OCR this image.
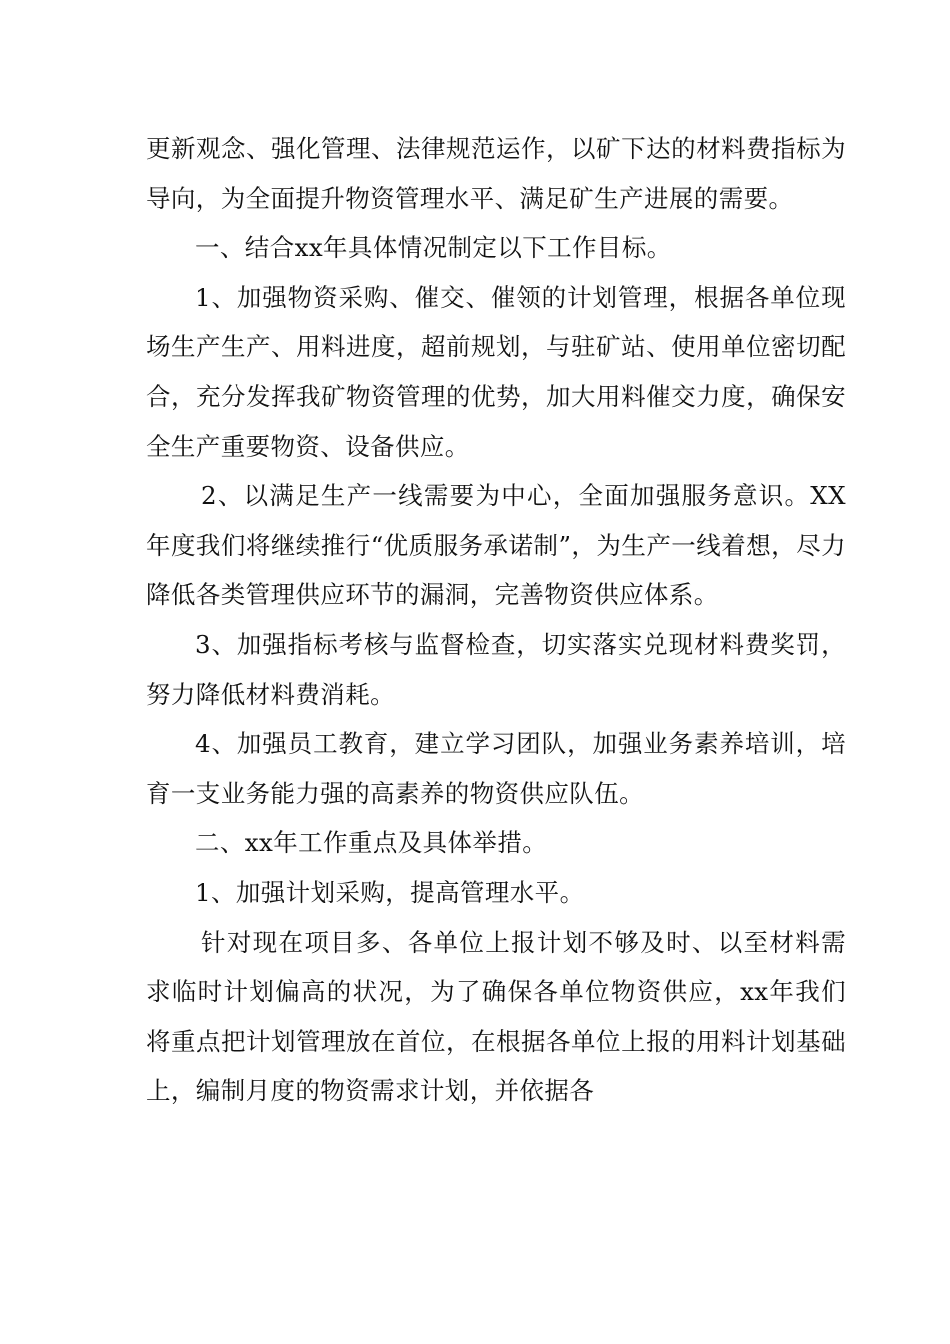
更新观念、强化管理、法律规范运作，以矿下达的材料费指标为导向，为全面提升物资管理水平、满足矿生产进展的需要。

一、结合xx年具体情况制定以下工作目标。

1、加强物资采购、催交、催领的计划管理，根据各单位现场生产生产、用料进度，超前规划，与驻矿站、使用单位密切配合，充分发挥我矿物资管理的优势，加大用料催交力度，确保安全生产重要物资、设备供应。

2、以满足生产一线需要为中心，全面加强服务意识。XX年度我们将继续推行“优质服务承诺制”，为生产一线着想，尽力降低各类管理供应环节的漏洞，完善物资供应体系。

3、加强指标考核与监督检查，切实落实兑现材料费奖罚，努力降低材料费消耗。

4、加强员工教育，建立学习团队，加强业务素养培训，培育一支业务能力强的高素养的物资供应队伍。

二、xx年工作重点及具体举措。

1、加强计划采购，提高管理水平。

针对现在项目多、各单位上报计划不够及时、以至材料需求临时计划偏高的状况，为了确保各单位物资供应，xx年我们将重点把计划管理放在首位，在根据各单位上报的用料计划基础上，编制月度的物资需求计划，并依据各
